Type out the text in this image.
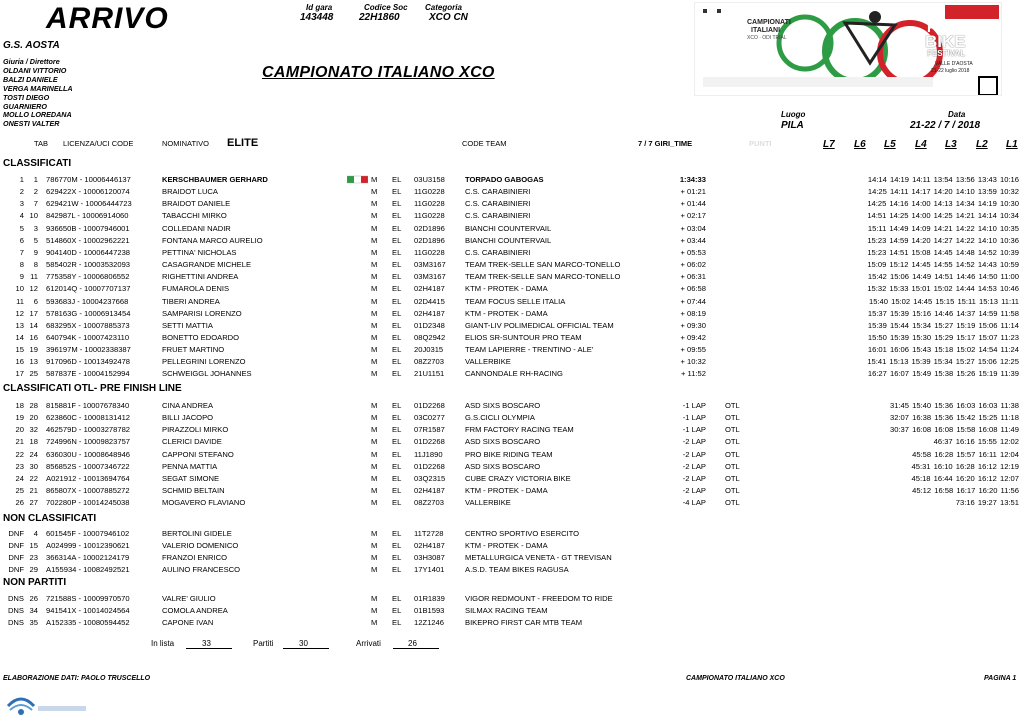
ARRIVO	Id gara
143448
Codice Soc
22H1860
Categoria
XCO CN
G.S. AOSTA
Giuria / Direttore
OLDANI VITTORIO
BALZI DANIELE
VERGA MARINELLA
TOSTI DIEGO
GUARNIERO
MOLLO LOREDANA
ONESTI VALTER
CAMPIONATO ITALIANO XCO
CAMPIONATI
ITALIANI
XCO · ODI TRIAL
PILA
BIKE
FESTIVAL
VALLE D'AOSTA
21-22 luglio 2018
Luogo
PILA
Data
21-22 / 7 / 2018
TAB LICENZA/UCI CODE	NOMINATIVO ELITE	CODE TEAM	7 / 7 GIRI_TIME	PUNTI	L7 L6 L5 L4 L3 L2 L1
CLASSIFICATI
1 1 786770M - 10006446137	KERSCHBAUMER GERHARD	M EL 03U3158	TORPADO GABOGAS	1:34:33	14:14 14:19 14:11 13:54 13:56 13:43 10:16
2 2 629422X - 10006120074	BRAIDOT LUCA	M EL 11G0228	C.S. CARABINIERI	+ 01:21	14:25 14:11 14:17 14:20 14:10 13:59 10:32
3 7 629421W - 10006444723	BRAIDOT DANIELE	M EL 11G0228	C.S. CARABINIERI	+ 01:44	14:25 14:16 14:00 14:13 14:34 14:19 10:30
4 10 842987L - 10006914060	TABACCHI MIRKO	M EL 11G0228	C.S. CARABINIERI	+ 02:17	14:51 14:25 14:00 14:25 14:21 14:14 10:34
5 3 936650B - 10007946001	COLLEDANI NADIR	M EL 02D1896	BIANCHI COUNTERVAIL	+ 03:04	15:11 14:49 14:09 14:21 14:22 14:10 10:35
6 5 514860X - 10002962221	FONTANA MARCO AURELIO	M EL 02D1896	BIANCHI COUNTERVAIL	+ 03:44	15:23 14:59 14:20 14:27 14:22 14:10 10:36
7 9 904140D - 10006447238	PETTINA' NICHOLAS	M EL 11G0228	C.S. CARABINIERI	+ 05:53	15:23 14:51 15:08 14:45 14:48 14:52 10:39
8 8 585402R - 10003532093	CASAGRANDE MICHELE	M EL 03M3167	TEAM TREK-SELLE SAN MARCO-TONELLO	+ 06:02	15:09 15:12 14:45 14:55 14:52 14:43 10:59
9 11 775358Y - 10006806552	RIGHETTINI ANDREA	M EL 03M3167	TEAM TREK-SELLE SAN MARCO-TONELLO	+ 06:31	15:42 15:06 14:49 14:51 14:46 14:50 11:00
10 12 612014Q - 10007707137	FUMAROLA DENIS	M EL 02H4187	KTM - PROTEK - DAMA	+ 06:58	15:32 15:33 15:01 15:02 14:44 14:53 10:46
11 6 593683J - 10004237668	TIBERI ANDREA	M EL 02D4415	TEAM FOCUS SELLE ITALIA	+ 07:44	15:40 15:02 14:45 15:15 15:11 15:13 11:11
12 17 578163G - 10006913454	SAMPARISI LORENZO	M EL 02H4187	KTM - PROTEK - DAMA	+ 08:19	15:37 15:39 15:16 14:46 14:37 14:59 11:58
13 14 683295X - 10007885373	SETTI MATTIA	M EL 01D2348	GIANT-LIV POLIMEDICAL OFFICIAL TEAM	+ 09:30	15:39 15:44 15:34 15:27 15:19 15:06 11:14
14 16 640794K - 10007423110	BONETTO EDOARDO	M EL 08Q2942	ELIOS SR-SUNTOUR PRO TEAM	+ 09:42	15:50 15:39 15:30 15:29 15:17 15:07 11:23
15 19 396197M - 10002338387	FRUET MARTINO	M EL 20J0315	TEAM LAPIERRE - TRENTINO - ALE'	+ 09:55	16:01 16:06 15:43 15:18 15:02 14:54 11:24
16 13 917096D - 10013492478	PELLEGRINI LORENZO	M EL 08Z2703	VALLERBIKE	+ 10:32	15:41 15:13 15:39 15:34 15:27 15:06 12:25
17 25 587837E - 10004152994	SCHWEIGGL JOHANNES	M EL 21U1151	CANNONDALE RH-RACING	+ 11:52	16:27 16:07 15:49 15:38 15:26 15:19 11:39
CLASSIFICATI OTL- PRE FINISH LINE
18 28 815881F - 10007678340	CINA ANDREA	M EL 01D2268	ASD SIXS BOSCARO	-1 LAP	OTL	31:45 15:40 15:36 16:03 16:03 11:38
19 20 623860C - 10008131412	BILLI JACOPO	M EL 03C0277	G.S.CICLI OLYMPIA	-1 LAP	OTL	32:07 16:38 15:36 15:42 15:25 11:18
20 32 462579D - 10003278782	PIRAZZOLI MIRKO	M EL 07R1587	FRM FACTORY RACING TEAM	-1 LAP	OTL	30:37 16:08 16:08 15:58 16:08 11:49
21 18 724996N - 10009823757	CLERICI DAVIDE	M EL 01D2268	ASD SIXS BOSCARO	-2 LAP	OTL	46:37 16:16 15:55 12:02
22 24 636030U - 10008648946	CAPPONI STEFANO	M EL 11J1890	PRO BIKE RIDING TEAM	-2 LAP	OTL	45:58 16:28 15:57 16:11 12:04
23 30 856852S - 10007346722	PENNA MATTIA	M EL 01D2268	ASD SIXS BOSCARO	-2 LAP	OTL	45:31 16:10 16:28 16:12 12:19
24 22 A021912 - 10013694764	SEGAT SIMONE	M EL 03Q2315	CUBE CRAZY VICTORIA BIKE	-2 LAP	OTL	45:18 16:44 16:20 16:12 12:07
25 21 865807X - 10007885272	SCHMID BELTAIN	M EL 02H4187	KTM - PROTEK - DAMA	-2 LAP	OTL	45:12 16:58 16:17 16:20 11:56
26 27 702280P - 10014245038	MOGAVERO FLAVIANO	M EL 08Z2703	VALLERBIKE	-4 LAP	OTL	73:16 19:27 13:51
NON CLASSIFICATI
DNF 4 601545F - 10007946102	BERTOLINI GIDELE	M EL 11T2728	CENTRO SPORTIVO ESERCITO
DNF 15 A024999 - 10012390621	VALERIO DOMENICO	M EL 02H4187	KTM - PROTEK - DAMA
DNF 23 366314A - 10002124179	FRANZOI ENRICO	M EL 03H3087	METALLURGICA VENETA - GT TREVISAN
DNF 29 A155934 - 10082492521	AULINO FRANCESCO	M EL 17Y1401	A.S.D. TEAM BIKES RAGUSA
NON PARTITI
DNS 26 721588S - 10009970570	VALRE' GIULIO	M EL 01R1839	VIGOR REDMOUNT - FREEDOM TO RIDE
DNS 34 941541X - 10014024564	COMOLA ANDREA	M EL 01B1593	SILMAX RACING TEAM
DNS 35 A152335 - 10080594452	CAPONE IVAN	M EL 12Z1246	BIKEPRO FIRST CAR MTB TEAM
In lista	33	Partiti	30	Arrivati	26
ELABORAZIONE DATI: PAOLO TRUSCELLO	CAMPIONATO ITALIANO XCO	PAGINA 1
